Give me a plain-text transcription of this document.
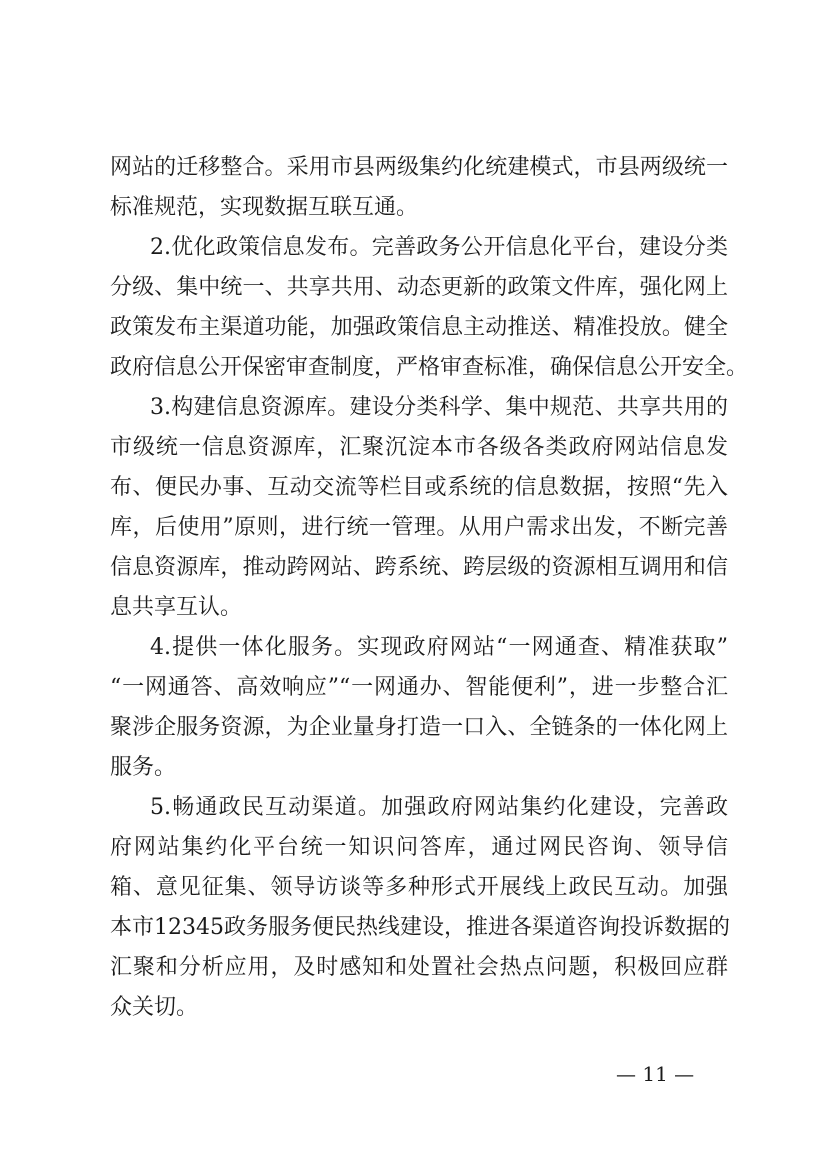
网站的迁移整合。采用市县两级集约化统建模式，市县两级统一
标准规范，实现数据互联互通。
2.优化政策信息发布。完善政务公开信息化平台，建设分类
分级、集中统一、共享共用、动态更新的政策文件库，强化网上
政策发布主渠道功能，加强政策信息主动推送、精准投放。健全
政府信息公开保密审查制度，严格审查标准，确保信息公开安全。
3.构建信息资源库。建设分类科学、集中规范、共享共用的
市级统一信息资源库，汇聚沉淀本市各级各类政府网站信息发
布、便民办事、互动交流等栏目或系统的信息数据，按照“先入
库，后使用”原则，进行统一管理。从用户需求出发，不断完善
信息资源库，推动跨网站、跨系统、跨层级的资源相互调用和信
息共享互认。
4.提供一体化服务。实现政府网站“一网通查、精准获取”
“一网通答、高效响应”“一网通办、智能便利”，进一步整合汇
聚涉企服务资源，为企业量身打造一口入、全链条的一体化网上
服务。
5.畅通政民互动渠道。加强政府网站集约化建设，完善政
府网站集约化平台统一知识问答库，通过网民咨询、领导信
箱、意见征集、领导访谈等多种形式开展线上政民互动。加强
本市12345政务服务便民热线建设，推进各渠道咨询投诉数据的
汇聚和分析应用，及时感知和处置社会热点问题，积极回应群
众关切。
— 11 —
